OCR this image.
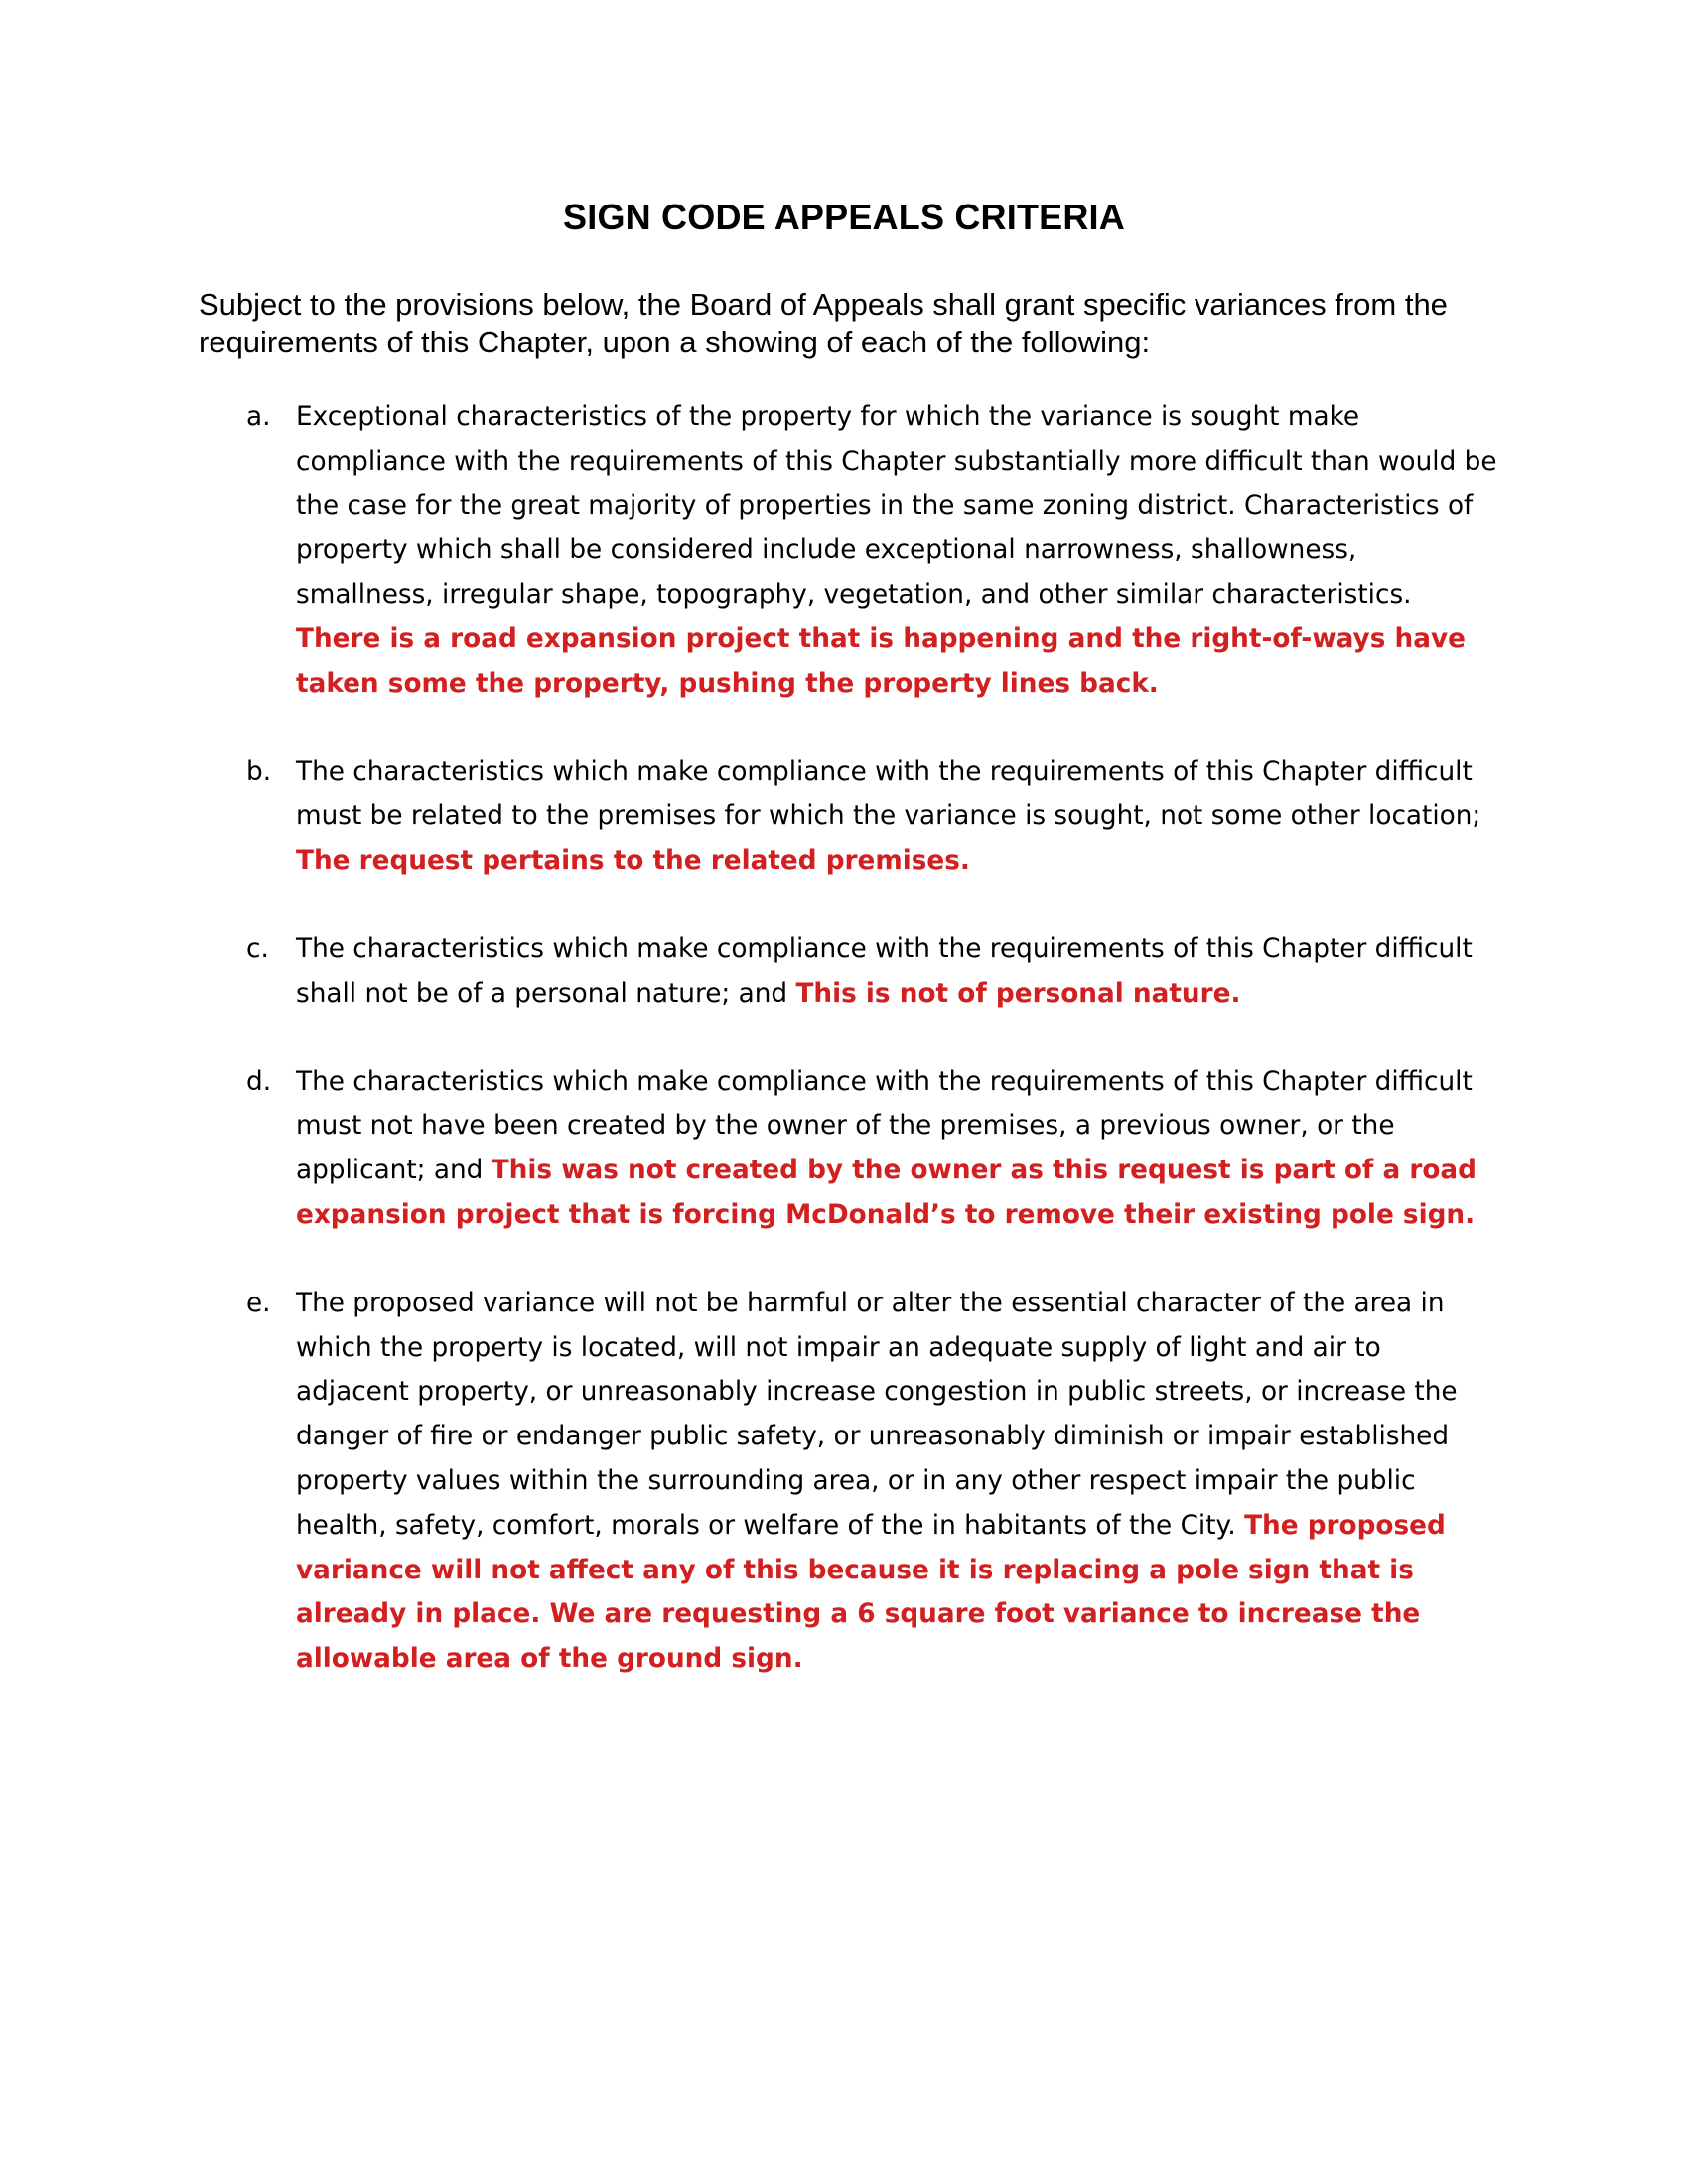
SIGN CODE APPEALS CRITERIA

Subject to the provisions below, the Board of Appeals shall grant specific variances from the requirements of this Chapter, upon a showing of each of the following:

a. Exceptional characteristics of the property for which the variance is sought make compliance with the requirements of this Chapter substantially more difficult than would be the case for the great majority of properties in the same zoning district. Characteristics of property which shall be considered include exceptional narrowness, shallowness, smallness, irregular shape, topography, vegetation, and other similar characteristics. There is a road expansion project that is happening and the right-of-ways have taken some the property, pushing the property lines back.
b. The characteristics which make compliance with the requirements of this Chapter difficult must be related to the premises for which the variance is sought, not some other location; The request pertains to the related premises.
c.	The characteristics which make compliance with the requirements of this Chapter difficult shall not be of a personal nature; and This is not of personal nature.
d. The characteristics which make compliance with the requirements of this Chapter difficult must not have been created by the owner of the premises, a previous owner, or the applicant; and This was not created by the owner as this request is part of a road expansion project that is forcing McDonald’s to remove their existing pole sign.
e. The proposed variance will not be harmful or alter the essential character of the area in which the property is located, will not impair an adequate supply of light and air to adjacent property, or unreasonably increase congestion in public streets, or increase the danger of fire or endanger public safety, or unreasonably diminish or impair established property values within the surrounding area, or in any other respect impair the public health, safety, comfort, morals or welfare of the in habitants of the City. The proposed variance will not affect any of this because it is replacing a pole sign that is already in place. We are requesting a 6 square foot variance to increase the allowable area of the ground sign.
